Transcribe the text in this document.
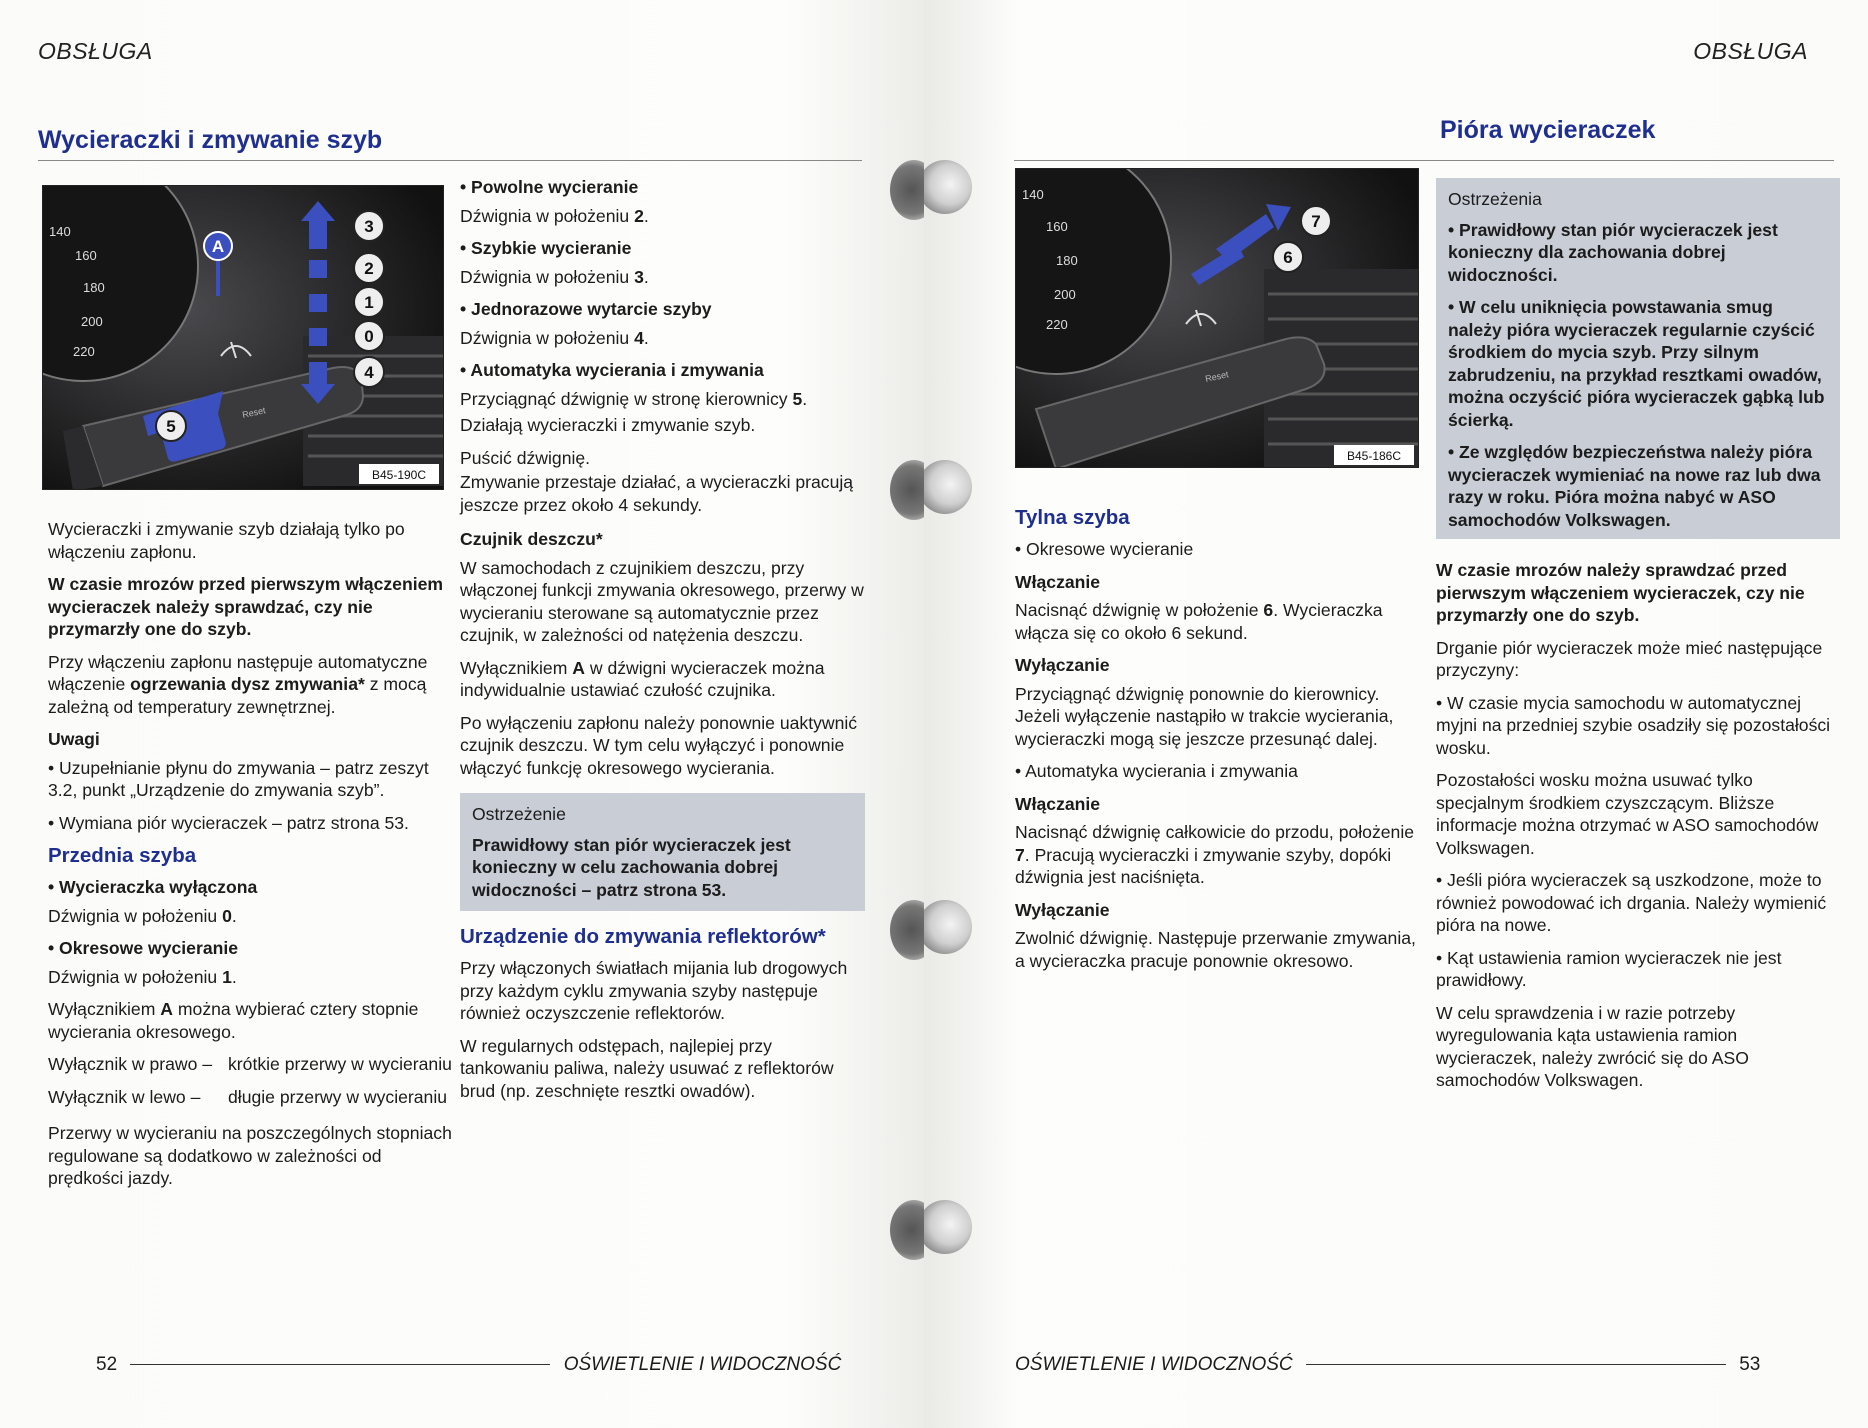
OBSŁUGA
Wycieraczki i zmywanie szyb
140
160
180
200
220
Reset
A
3
2
1
0
4
5
B45-190C

Wycieraczki i zmywanie szyb działają tylko po włączeniu zapłonu.

W czasie mrozów przed pierwszym włączeniem wycieraczek należy sprawdzać, czy nie przymarzły one do szyb.

Przy włączeniu zapłonu następuje automatyczne włączenie ogrzewania dysz zmywania* z mocą zależną od temperatury zewnętrznej.

Uwagi

• Uzupełnianie płynu do zmywania – patrz zeszyt 3.2, punkt „Urządzenie do zmywania szyb”.

• Wymiana piór wycieraczek – patrz strona 53.

Przednia szyba
• Wycieraczka wyłączona

Dźwignia w położeniu 0.

• Okresowe wycieranie

Dźwignia w położeniu 1.

Wyłącznikiem A można wybierać cztery stopnie wycierania okresowego.

Wyłącznik w prawo – krótkie przerwy w wycieraniu
Wyłącznik w lewo –	długie przerwy w wycieraniu

Przerwy w wycieraniu na poszczególnych stopniach regulowane są dodatkowo w zależności od prędkości jazdy.

• Powolne wycieranie

Dźwignia w położeniu 2.

• Szybkie wycieranie

Dźwignia w położeniu 3.

• Jednorazowe wytarcie szyby

Dźwignia w położeniu 4.

• Automatyka wycierania i zmywania

Przyciągnąć dźwignię w stronę kierownicy 5.

Działają wycieraczki i zmywanie szyb.

Puścić dźwignię.

Zmywanie przestaje działać, a wycieraczki pracują jeszcze przez około 4 sekundy.

Czujnik deszczu*

W samochodach z czujnikiem deszczu, przy włączonej funkcji zmywania okresowego, przerwy w wycieraniu sterowane są automatycznie przez czujnik, w zależności od natężenia deszczu.

Wyłącznikiem A w dźwigni wycieraczek można indywidualnie ustawiać czułość czujnika.

Po wyłączeniu zapłonu należy ponownie uaktywnić czujnik deszczu. W tym celu wyłączyć i ponownie włączyć funkcję okresowego wycierania.

Ostrzeżenie

Prawidłowy stan piór wycieraczek jest konieczny w celu zachowania dobrej widoczności – patrz strona 53.

Urządzenie do zmywania reflektorów*

Przy włączonych światłach mijania lub drogowych przy każdym cyklu zmywania szyby następuje również oczyszczenie reflektorów.

W regularnych odstępach, najlepiej przy tankowaniu paliwa, należy usuwać z reflektorów brud (np. zeschnięte resztki owadów).

52	OŚWIETLENIE I WIDOCZNOŚĆ
OBSŁUGA
Pióra wycieraczek
140
160
180
200
220
Reset
7
6
B45-186C
Tylna szyba

• Okresowe wycieranie

Włączanie

Nacisnąć dźwignię w położenie 6. Wycieraczka włącza się co około 6 sekund.

Wyłączanie

Przyciągnąć dźwignię ponownie do kierownicy. Jeżeli wyłączenie nastąpiło w trakcie wycierania, wycieraczki mogą się jeszcze przesunąć dalej.

• Automatyka wycierania i zmywania

Włączanie

Nacisnąć dźwignię całkowicie do przodu, położenie 7. Pracują wycieraczki i zmywanie szyby, dopóki dźwignia jest naciśnięta.

Wyłączanie

Zwolnić dźwignię. Następuje przerwanie zmywania, a wycieraczka pracuje ponownie okresowo.

Ostrzeżenia

• Prawidłowy stan piór wycieraczek jest konieczny dla zachowania dobrej widoczności.

• W celu uniknięcia powstawania smug należy pióra wycieraczek regularnie czyścić środkiem do mycia szyb. Przy silnym zabrudzeniu, na przykład resztkami owadów, można oczyścić pióra wycieraczek gąbką lub ścierką.

• Ze względów bezpieczeństwa należy pióra wycieraczek wymieniać na nowe raz lub dwa razy w roku. Pióra można nabyć w ASO samochodów Volkswagen.

W czasie mrozów należy sprawdzać przed pierwszym włączeniem wycieraczek, czy nie przymarzły one do szyb.

Drganie piór wycieraczek może mieć następujące przyczyny:

• W czasie mycia samochodu w automatycznej myjni na przedniej szybie osadziły się pozostałości wosku.

Pozostałości wosku można usuwać tylko specjalnym środkiem czyszczącym. Bliższe informacje można otrzymać w ASO samochodów Volkswagen.

• Jeśli pióra wycieraczek są uszkodzone, może to również powodować ich drgania. Należy wymienić pióra na nowe.

• Kąt ustawienia ramion wycieraczek nie jest prawidłowy.

W celu sprawdzenia i w razie potrzeby wyregulowania kąta ustawienia ramion wycieraczek, należy zwrócić się do ASO samochodów Volkswagen.

OŚWIETLENIE I WIDOCZNOŚĆ	53
